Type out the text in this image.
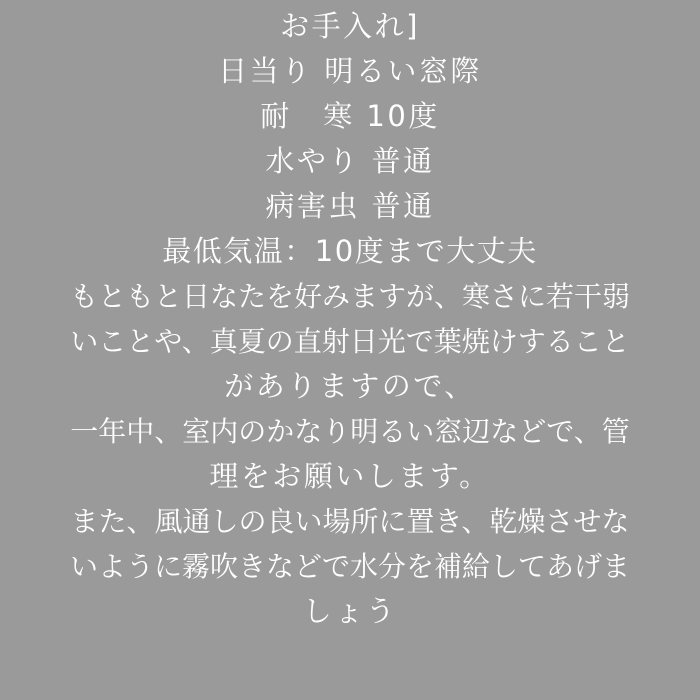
お手入れ]
日当り 明るい窓際
耐　寒 10度
水やり 普通
病害虫 普通
最低気温：10度まで大丈夫
もともと日なたを好みますが、寒さに若干弱
いことや、真夏の直射日光で葉焼けすること
がありますので、
一年中、室内のかなり明るい窓辺などで、管
理をお願いします。
また、風通しの良い場所に置き、乾燥させな
いように霧吹きなどで水分を補給してあげま
しょう
